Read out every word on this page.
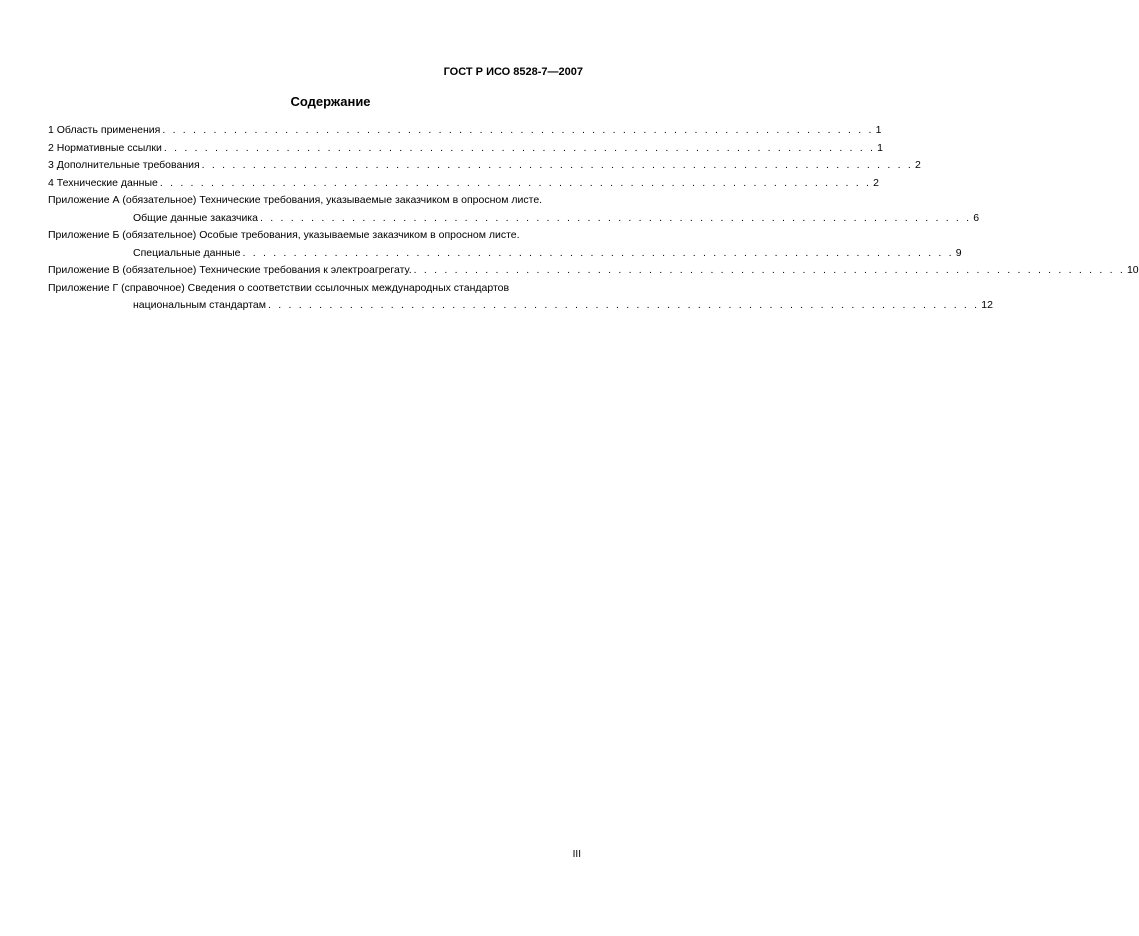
ГОСТ Р ИСО 8528-7—2007
Содержание
1 Область применения . . . . . . . . . . . . . . . . . . . . . . . . . . . . . . . . . . . . . . . . . . . . . . . . . . . . . . . . . . . . . . . . . . . . . . 1
2 Нормативные ссылки . . . . . . . . . . . . . . . . . . . . . . . . . . . . . . . . . . . . . . . . . . . . . . . . . . . . . . . . . . . . . . . . . . . . . . 1
3 Дополнительные требования . . . . . . . . . . . . . . . . . . . . . . . . . . . . . . . . . . . . . . . . . . . . . . . . . . . . . . . . . . . . . . . . . . . . . . 2
4 Технические данные . . . . . . . . . . . . . . . . . . . . . . . . . . . . . . . . . . . . . . . . . . . . . . . . . . . . . . . . . . . . . . . . . . . . . . 2
Приложение А (обязательное) Технические требования, указываемые заказчиком в опросном листе.
Общие данные заказчика . . . . . . . . . . . . . . . . . . . . . . . . . . . . . . . . . . . . . . . . . . . . . . . . . . . . . . . . . . . . . . . . . . . . . . 6
Приложение Б (обязательное) Особые требования, указываемые заказчиком в опросном листе.
Специальные данные . . . . . . . . . . . . . . . . . . . . . . . . . . . . . . . . . . . . . . . . . . . . . . . . . . . . . . . . . . . . . . . . . . . . . . 9
Приложение В (обязательное) Технические требования к электроагрегату. . . . . . . . . . . . . . . . . . . . . . . . . . . . . . . . . . . . . . . . . . . . . . . . . . . . . . . . . . . . . . . . . . . . . . . 10
Приложение Г (справочное) Сведения о соответствии ссылочных международных стандартов
национальным стандартам . . . . . . . . . . . . . . . . . . . . . . . . . . . . . . . . . . . . . . . . . . . . . . . . . . . . . . . . . . . . . . . . . . . . . . 12
III
